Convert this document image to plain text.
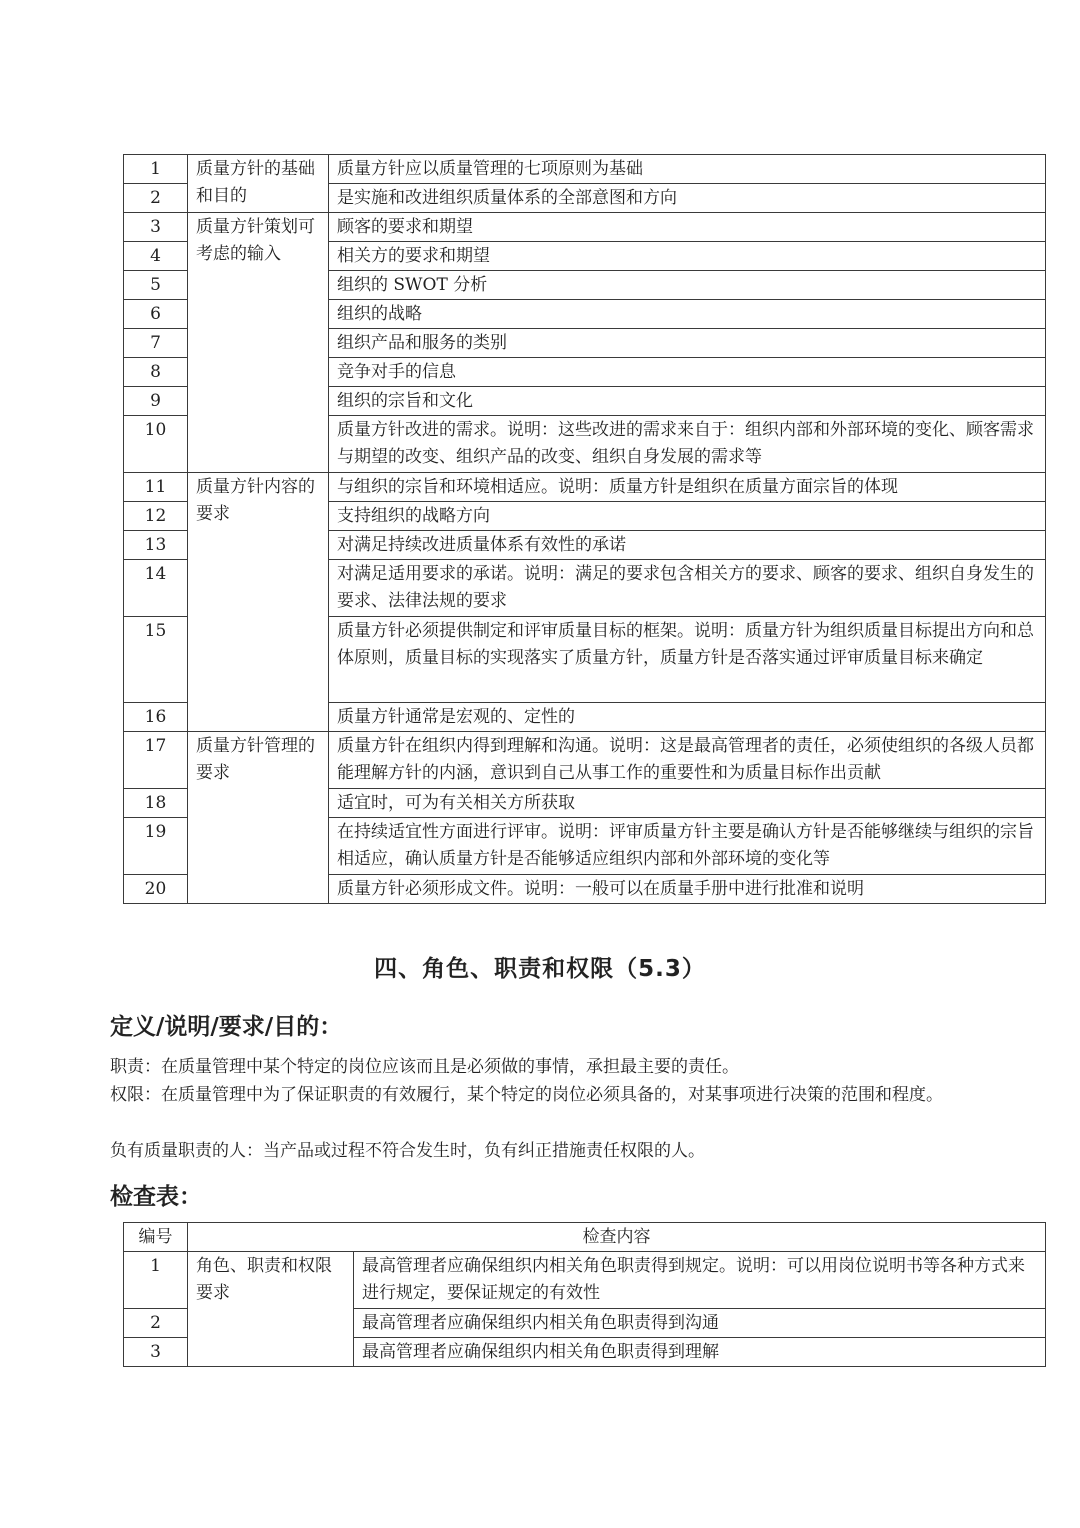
1	质量方针的基础和目的	质量方针应以质量管理的七项原则为基础
2		是实施和改进组织质量体系的全部意图和方向
3	质量方针策划可考虑的输入	顾客的要求和期望
4		相关方的要求和期望
5		组织的 SWOT 分析
6		组织的战略
7		组织产品和服务的类别
8		竞争对手的信息
9		组织的宗旨和文化
10		质量方针改进的需求。说明：这些改进的需求来自于：组织内部和外部环境的变化、顾客需求与期望的改变、组织产品的改变、组织自身发展的需求等
11	质量方针内容的要求	与组织的宗旨和环境相适应。说明：质量方针是组织在质量方面宗旨的体现
12		支持组织的战略方向
13		对满足持续改进质量体系有效性的承诺
14		对满足适用要求的承诺。说明：满足的要求包含相关方的要求、顾客的要求、组织自身发生的要求、法律法规的要求
15		质量方针必须提供制定和评审质量目标的框架。说明：质量方针为组织质量目标提出方向和总体原则，质量目标的实现落实了质量方针，质量方针是否落实通过评审质量目标来确定
16		质量方针通常是宏观的、定性的
17	质量方针管理的要求	质量方针在组织内得到理解和沟通。说明：这是最高管理者的责任，必须使组织的各级人员都能理解方针的内涵，意识到自己从事工作的重要性和为质量目标作出贡献
18		适宜时，可为有关相关方所获取
19		在持续适宜性方面进行评审。说明：评审质量方针主要是确认方针是否能够继续与组织的宗旨相适应，确认质量方针是否能够适应组织内部和外部环境的变化等
20		质量方针必须形成文件。说明：一般可以在质量手册中进行批准和说明
四、角色、职责和权限（5.3）
定义/说明/要求/目的：
职责：在质量管理中某个特定的岗位应该而且是必须做的事情，承担最主要的责任。
权限：在质量管理中为了保证职责的有效履行，某个特定的岗位必须具备的，对某事项进行决策的范围和程度。
负有质量职责的人：当产品或过程不符合发生时，负有纠正措施责任权限的人。
检查表：
编号	检查内容	
1	角色、职责和权限要求	最高管理者应确保组织内相关角色职责得到规定。说明：可以用岗位说明书等各种方式来进行规定，要保证规定的有效性
2		最高管理者应确保组织内相关角色职责得到沟通
3		最高管理者应确保组织内相关角色职责得到理解
